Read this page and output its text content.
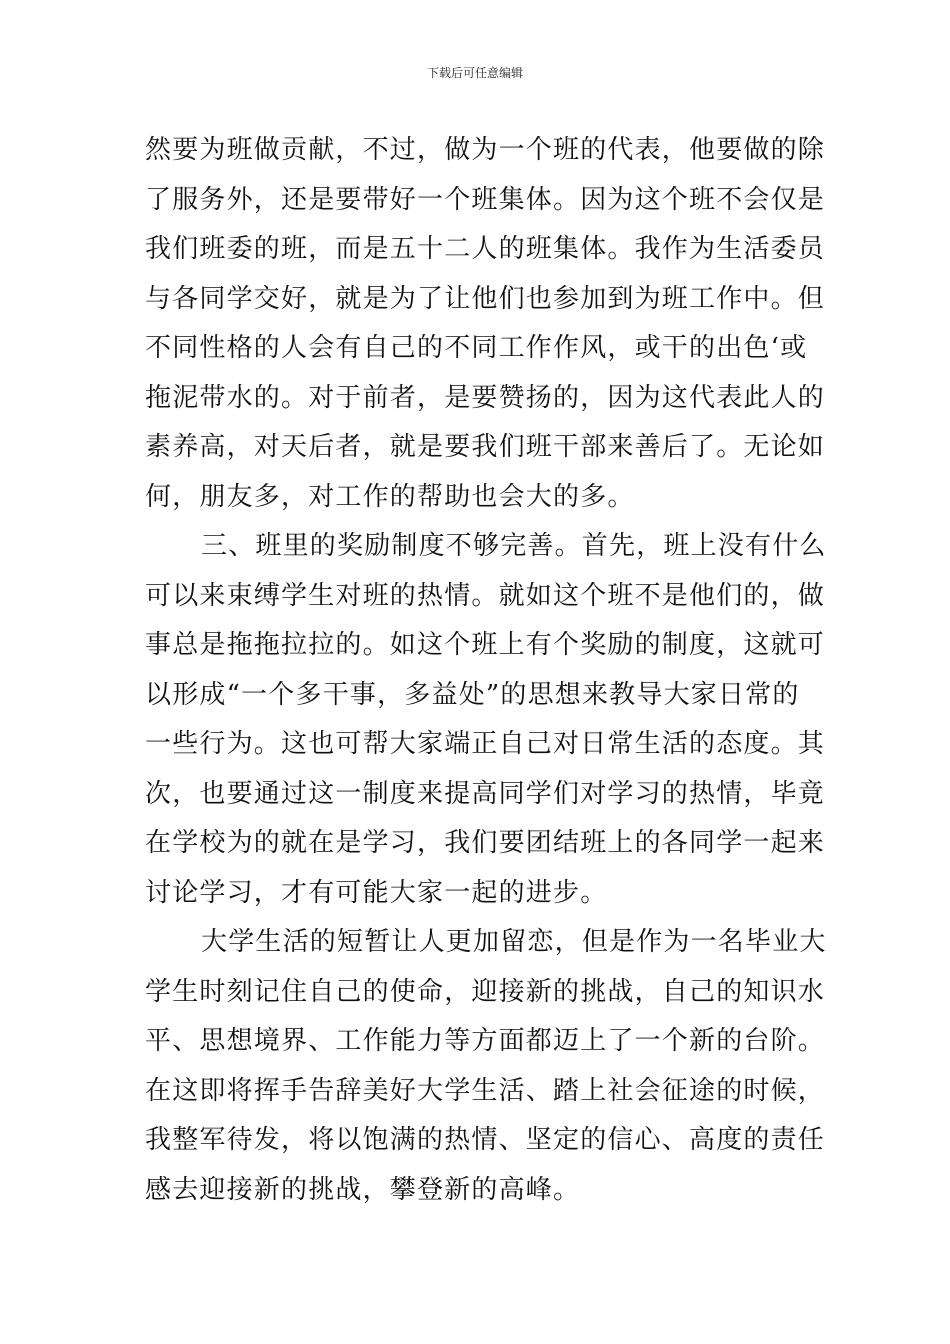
下载后可任意编辑
然要为班做贡献，不过，做为一个班的代表，他要做的除
了服务外，还是要带好一个班集体。因为这个班不会仅是
我们班委的班，而是五十二人的班集体。我作为生活委员
与各同学交好，就是为了让他们也参加到为班工作中。但
不同性格的人会有自己的不同工作作风，或干的出色‘或
拖泥带水的。对于前者，是要赞扬的，因为这代表此人的
素养高，对天后者，就是要我们班干部来善后了。无论如
何，朋友多，对工作的帮助也会大的多。
三、班里的奖励制度不够完善。首先，班上没有什么
可以来束缚学生对班的热情。就如这个班不是他们的，做
事总是拖拖拉拉的。如这个班上有个奖励的制度，这就可
以形成“一个多干事，多益处”的思想来教导大家日常的
一些行为。这也可帮大家端正自己对日常生活的态度。其
次，也要通过这一制度来提高同学们对学习的热情，毕竟
在学校为的就在是学习，我们要团结班上的各同学一起来
讨论学习，才有可能大家一起的进步。
大学生活的短暂让人更加留恋，但是作为一名毕业大
学生时刻记住自己的使命，迎接新的挑战，自己的知识水
平、思想境界、工作能力等方面都迈上了一个新的台阶。
在这即将挥手告辞美好大学生活、踏上社会征途的时候，
我整军待发，将以饱满的热情、坚定的信心、高度的责任
感去迎接新的挑战，攀登新的高峰。
